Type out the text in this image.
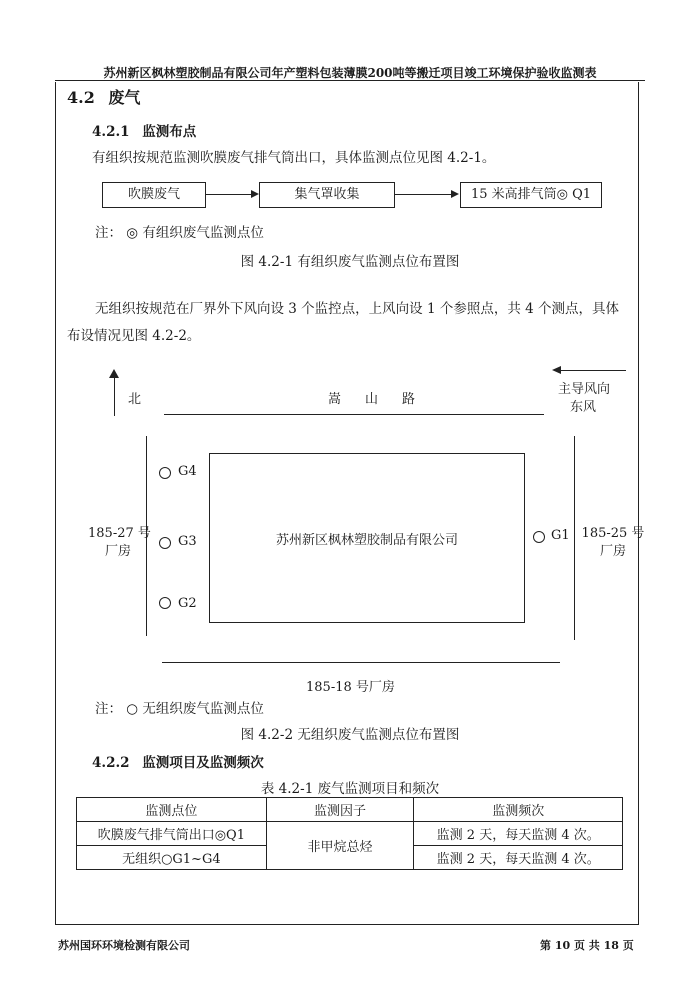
苏州新区枫林塑胶制品有限公司年产塑料包装薄膜200吨等搬迁项目竣工环境保护验收监测表
4.2 废气
4.2.1 监测布点
有组织按规范监测吹膜废气排气筒出口，具体监测点位见图 4.2-1。
吹膜废气	集气罩收集	15 米高排气筒◎ Q1
注： ◎ 有组织废气监测点位
图 4.2-1 有组织废气监测点位布置图
无组织按规范在厂界外下风向设 3 个监控点，上风向设 1 个参照点，共 4 个测点，具体
布设情况见图 4.2-2。
北	嵩山路
主导风向
东风
185-27 号
厂房
185-25 号
厂房
185-18 号厂房
苏州新区枫林塑胶制品有限公司
G4
G3
G2
G1
注： ○ 无组织废气监测点位
图 4.2-2 无组织废气监测点位布置图
4.2.2 监测项目及监测频次
表 4.2-1 废气监测项目和频次
监测点位	监测因子	监测频次
吹膜废气排气筒出口◎Q1	非甲烷总烃	监测 2 天，每天监测 4 次。
无组织○G1~G4		监测 2 天，每天监测 4 次。
苏州国环环境检测有限公司	第 10 页 共 18 页
